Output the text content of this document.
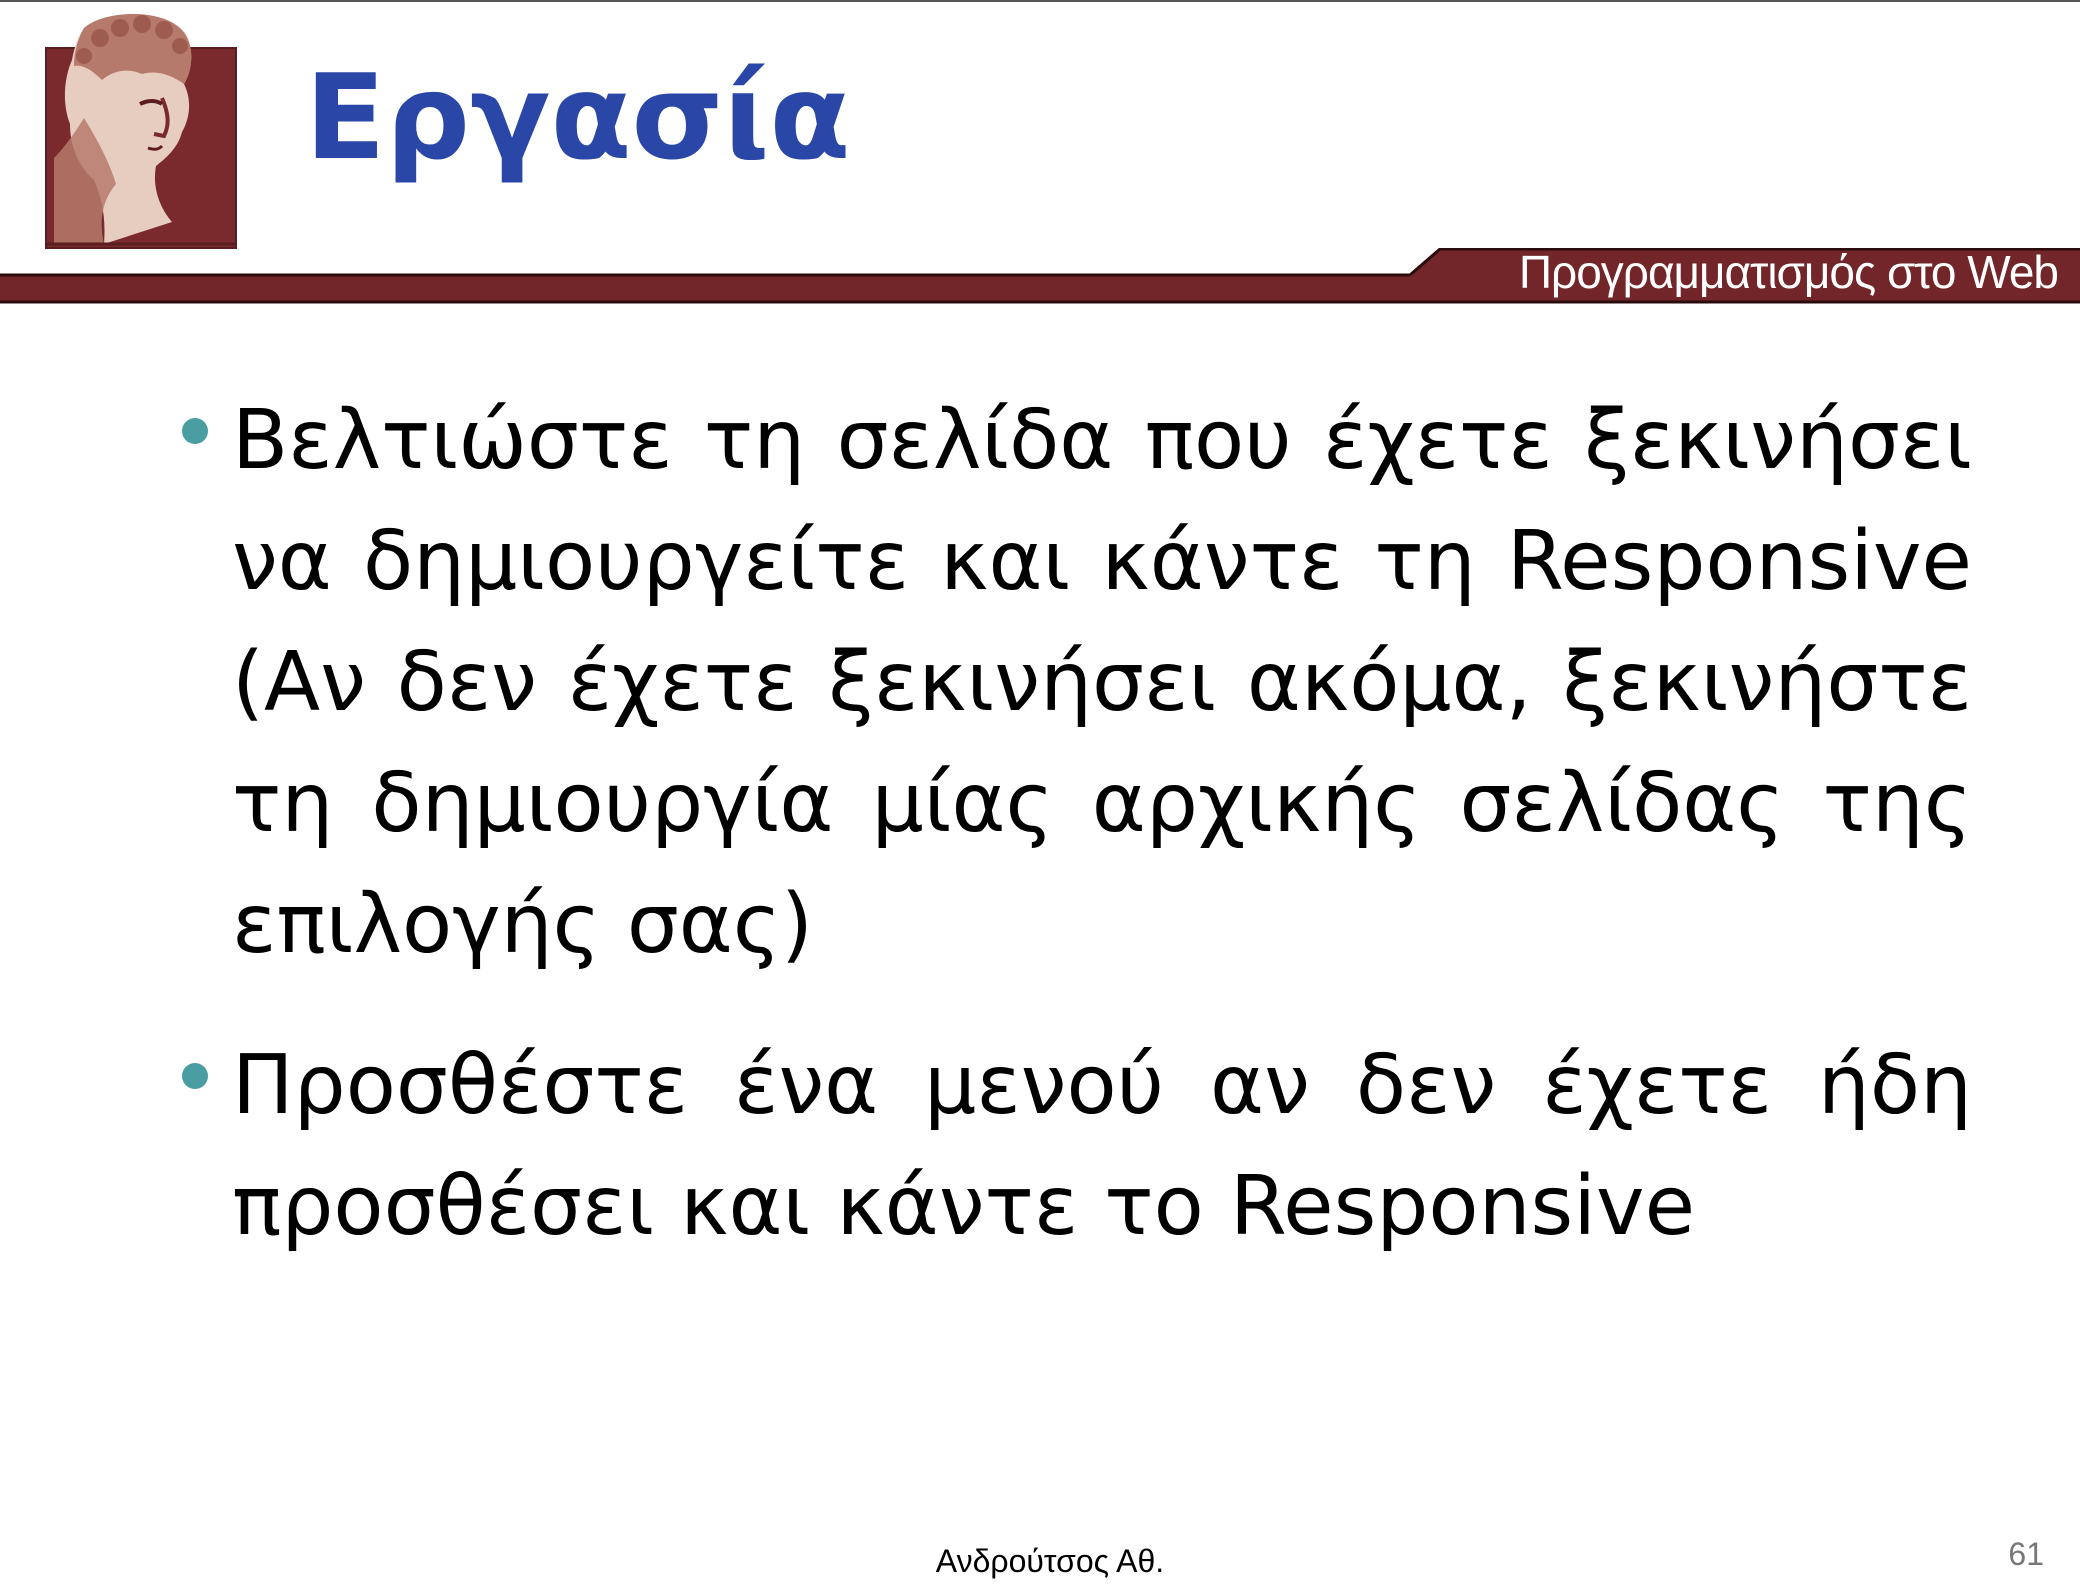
Εργασία
Προγραμματισμός στο Web
Βελτιώστε τη σελίδα που έχετε ξεκινήσει να δημιουργείτε και κάντε τη Responsive (Αν δεν έχετε ξεκινήσει ακόμα, ξεκινήστε τη δημιουργία μίας αρχικής σελίδας της επιλογής σας)
Προσθέστε ένα μενού αν δεν έχετε ήδη προσθέσει και κάντε το Responsive
Ανδρούτσος Αθ.	61
